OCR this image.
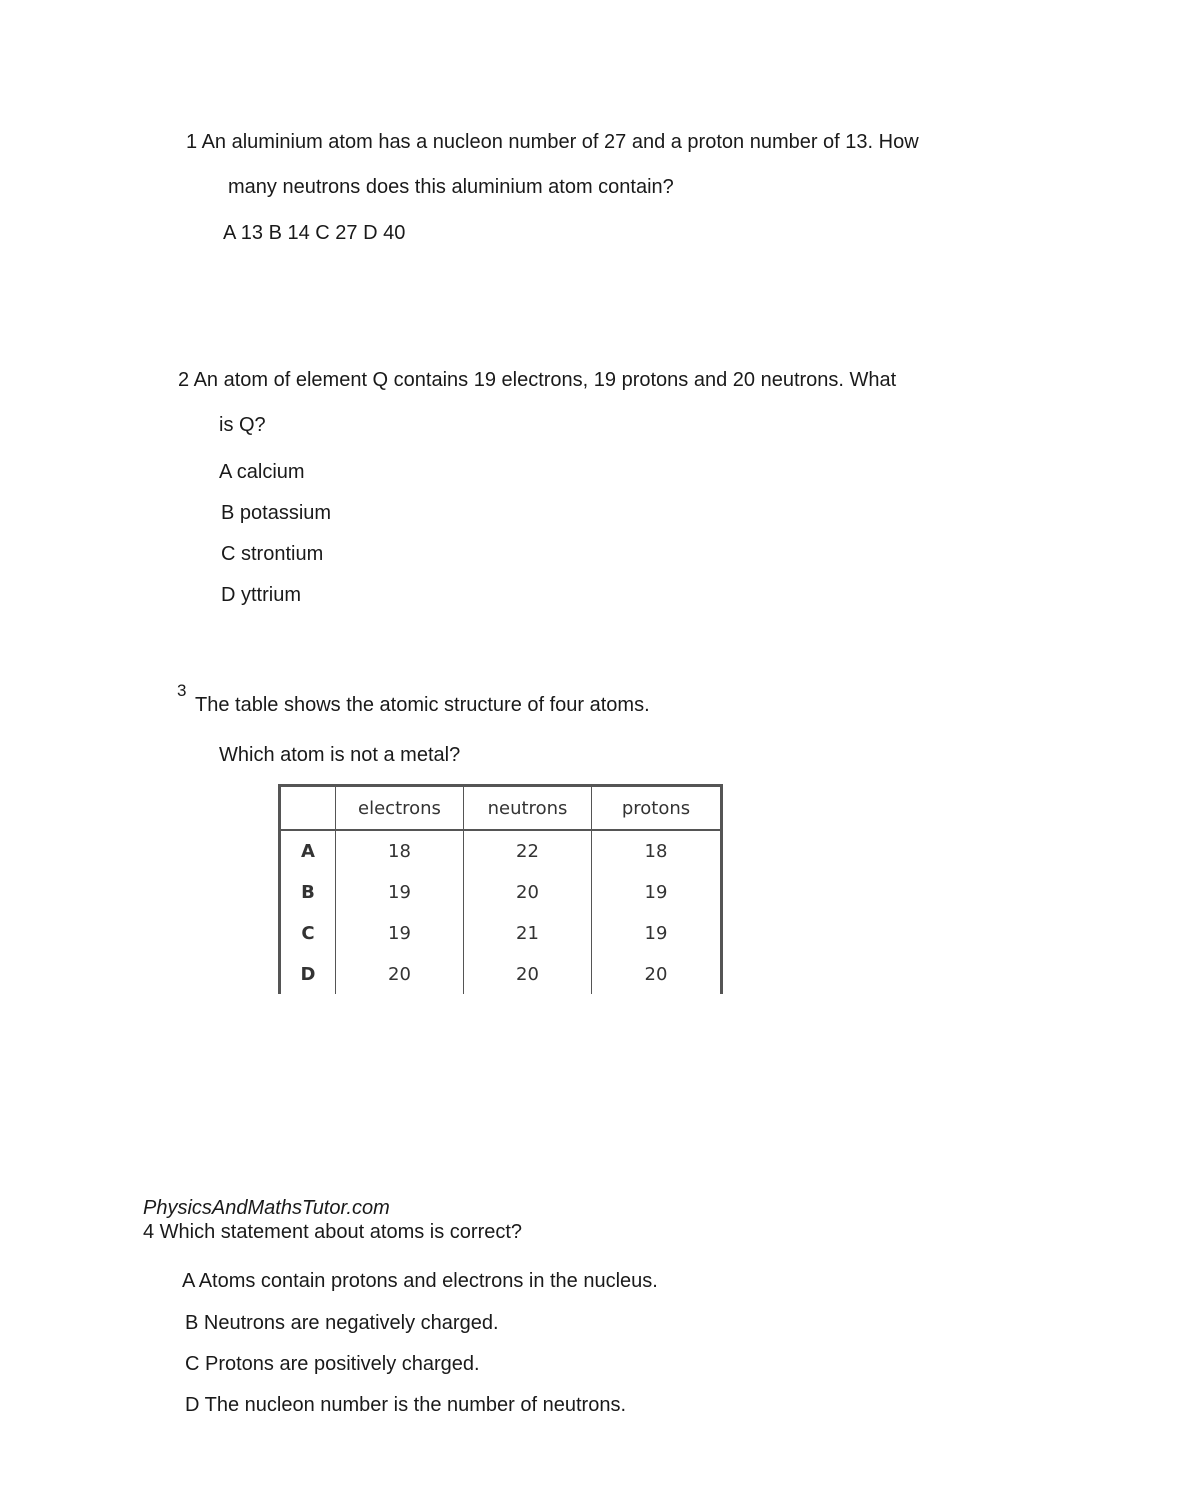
1 An aluminium atom has a nucleon number of 27 and a proton number of 13. How
many neutrons does this aluminium atom contain?
A 13 B 14 C 27 D 40
2 An atom of element Q contains 19 electrons, 19 protons and 20 neutrons. What
is Q?
A calcium
B potassium
C strontium
D yttrium
3
The table shows the atomic structure of four atoms.
Which atom is not a metal?
	electrons	neutrons	protons
A	18	22	18
B	19	20	19
C	19	21	19
D	20	20	20
PhysicsAndMathsTutor.com
4 Which statement about atoms is correct?
A Atoms contain protons and electrons in the nucleus.
B Neutrons are negatively charged.
C Protons are positively charged.
D The nucleon number is the number of neutrons.
